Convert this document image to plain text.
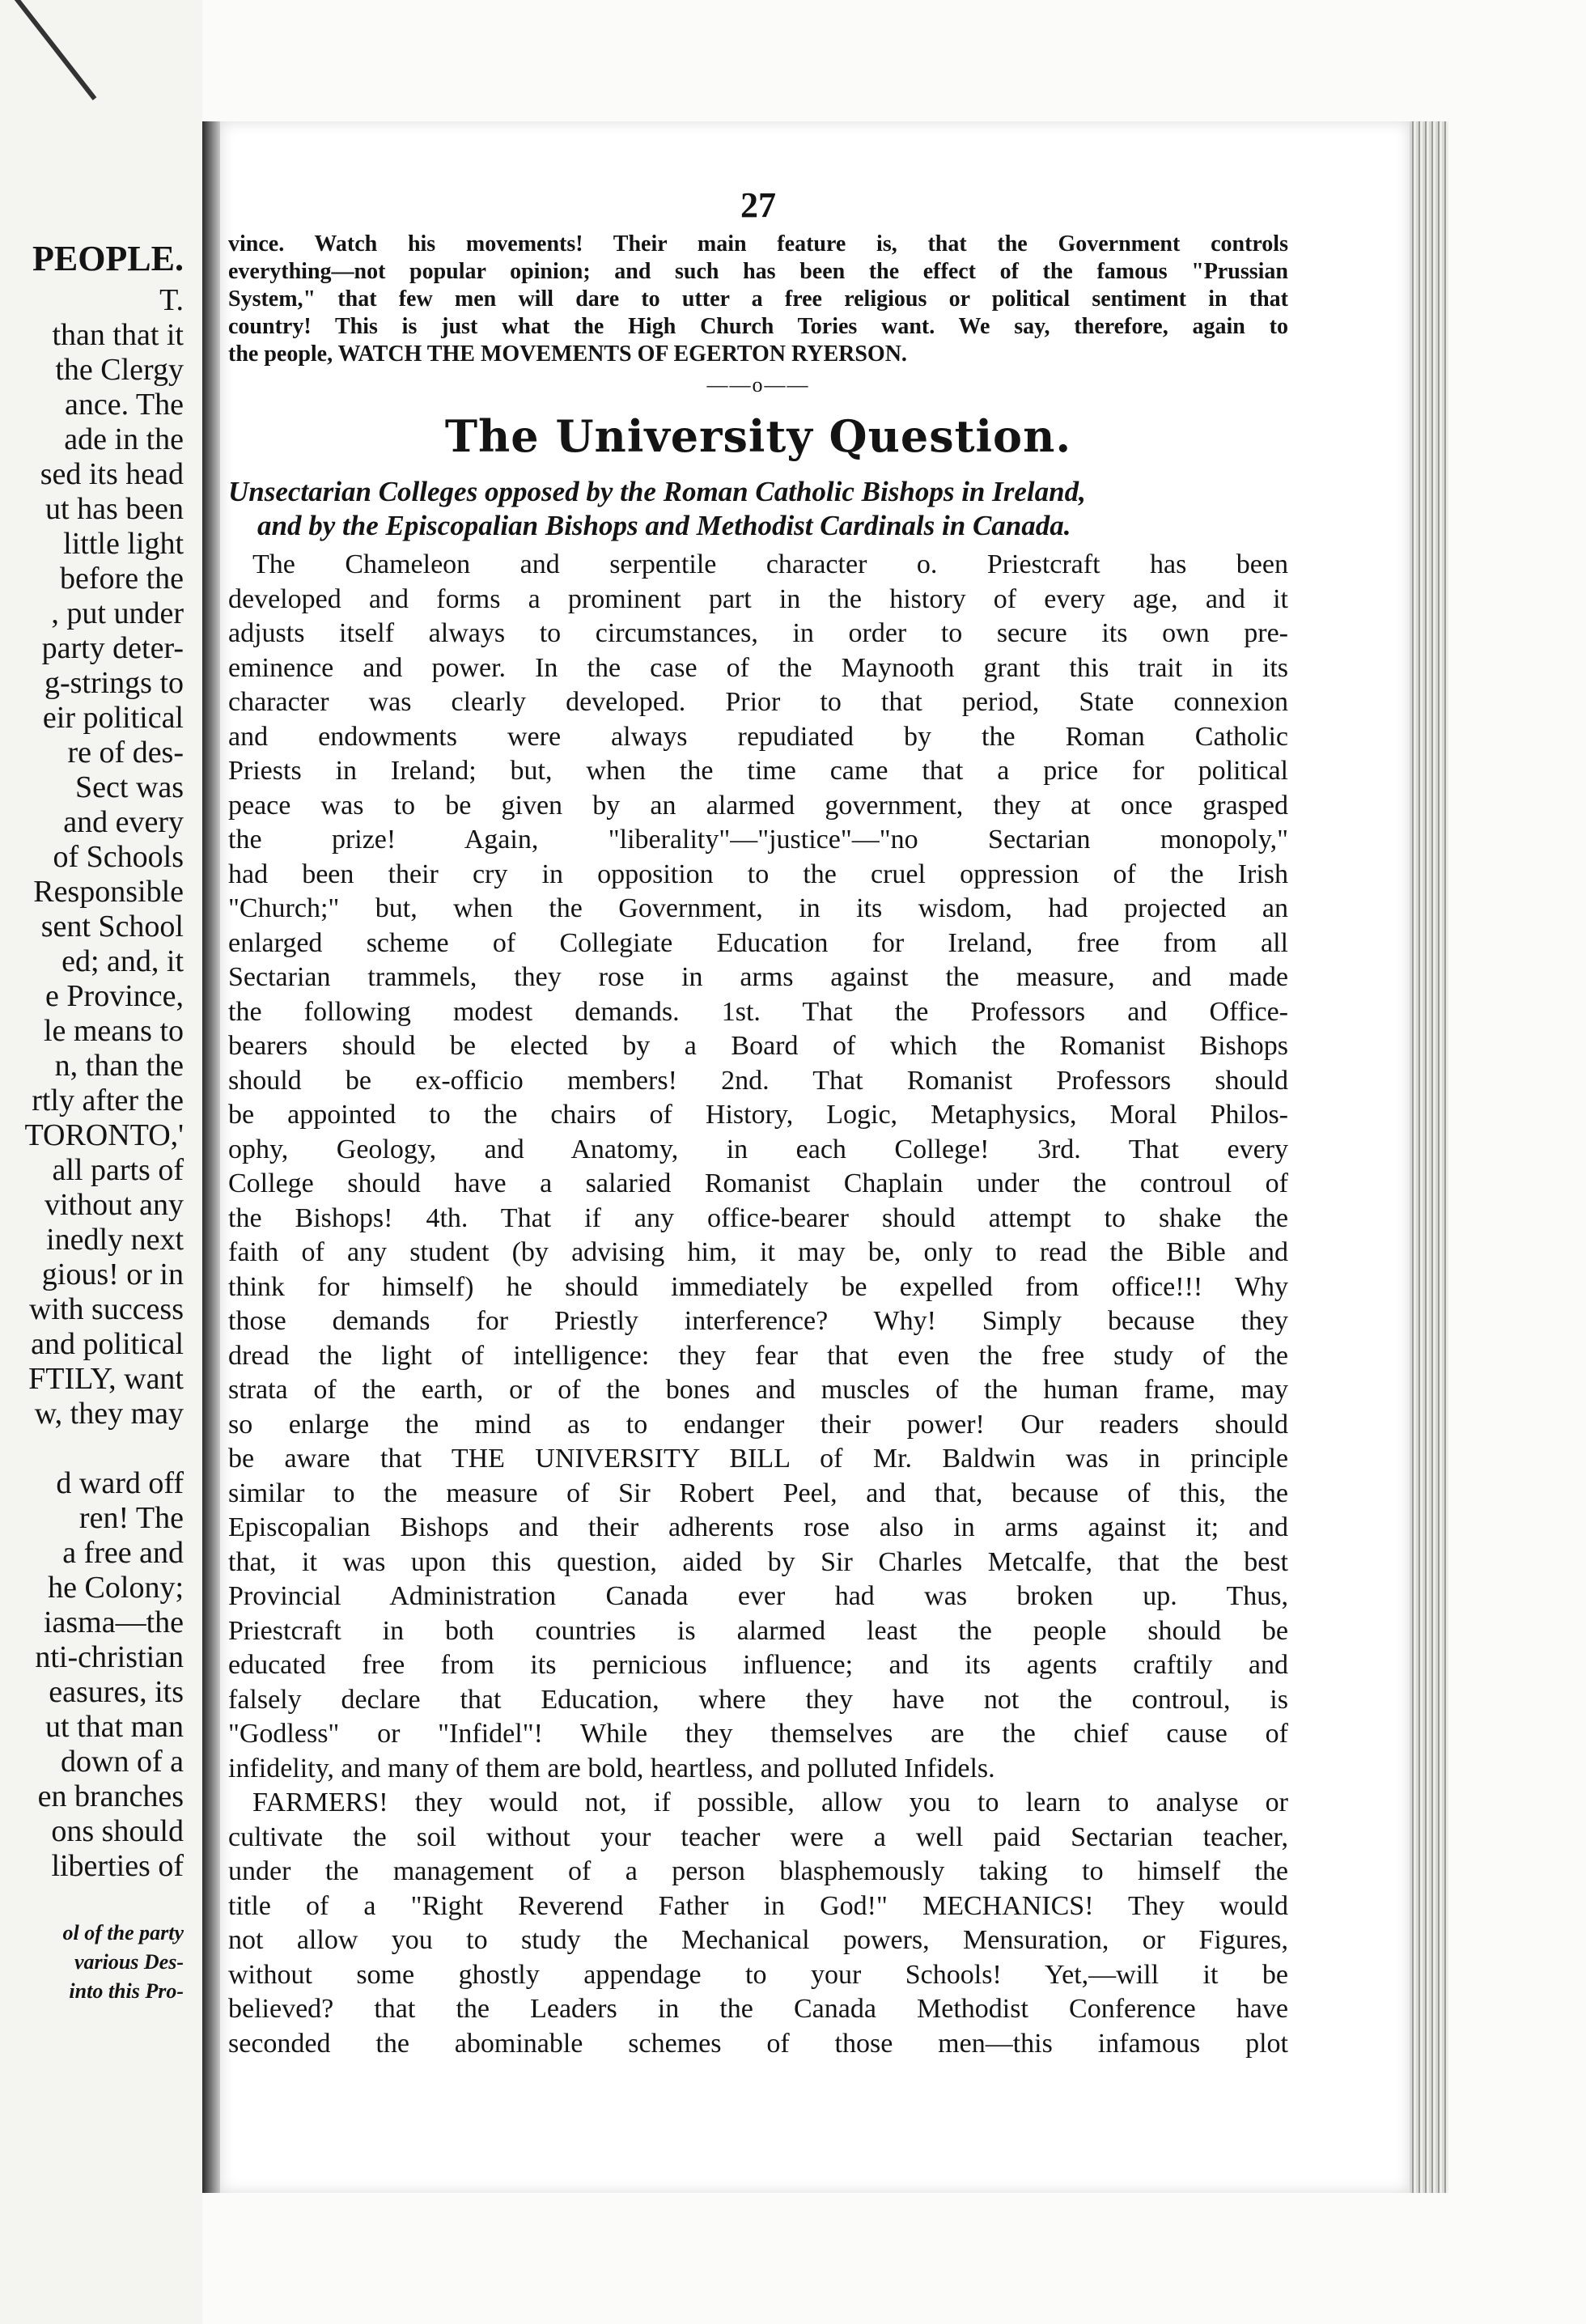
PEOPLE.

T.

than that it

the Clergy

ance. The

ade in the

sed its head

ut has been

little light

before the

, put under

party deter-

g-strings to

eir political

re of des-

Sect was

and every

of Schools

Responsible

sent School

ed; and, it

e Province,

le means to

n, than the

rtly after the

TORONTO,'

all parts of

vithout any

inedly next

gious! or in

with success

and political

FTILY, want

w, they may

d ward off

ren! The

a free and

he Colony;

iasma—the

nti-christian

easures, its

ut that man

down of a

en branches

ons should

liberties of

ol of the party

various Des-

into this Pro-

27
vince. Watch his movements! Their main feature is, that the Government controls
everything—not popular opinion; and such has been the effect of the famous "Prussian
System," that few men will dare to utter a free religious or political sentiment in that
country! This is just what the High Church Tories want. We say, therefore, again to
the people, WATCH THE MOVEMENTS OF EGERTON RYERSON.
——o——
The University Question.
Unsectarian Colleges opposed by the Roman Catholic Bishops in Ireland,
and by the Episcopalian Bishops and Methodist Cardinals in Canada.

The Chameleon and serpentile character o. Priestcraft has been

developed and forms a prominent part in the history of every age, and it

adjusts itself always to circumstances, in order to secure its own pre-

eminence and power. In the case of the Maynooth grant this trait in its

character was clearly developed. Prior to that period, State connexion

and endowments were always repudiated by the Roman Catholic

Priests in Ireland; but, when the time came that a price for political

peace was to be given by an alarmed government, they at once grasped

the prize! Again, "liberality"—"justice"—"no Sectarian monopoly,"

had been their cry in opposition to the cruel oppression of the Irish

"Church;" but, when the Government, in its wisdom, had projected an

enlarged scheme of Collegiate Education for Ireland, free from all

Sectarian trammels, they rose in arms against the measure, and made

the following modest demands. 1st. That the Professors and Office-

bearers should be elected by a Board of which the Romanist Bishops

should be ex-officio members! 2nd. That Romanist Professors should

be appointed to the chairs of History, Logic, Metaphysics, Moral Philos-

ophy, Geology, and Anatomy, in each College! 3rd. That every

College should have a salaried Romanist Chaplain under the controul of

the Bishops! 4th. That if any office-bearer should attempt to shake the

faith of any student (by advising him, it may be, only to read the Bible and

think for himself) he should immediately be expelled from office!!! Why

those demands for Priestly interference? Why! Simply because they

dread the light of intelligence: they fear that even the free study of the

strata of the earth, or of the bones and muscles of the human frame, may

so enlarge the mind as to endanger their power! Our readers should

be aware that THE UNIVERSITY BILL of Mr. Baldwin was in principle

similar to the measure of Sir Robert Peel, and that, because of this, the

Episcopalian Bishops and their adherents rose also in arms against it; and

that, it was upon this question, aided by Sir Charles Metcalfe, that the best

Provincial Administration Canada ever had was broken up. Thus,

Priestcraft in both countries is alarmed least the people should be

educated free from its pernicious influence; and its agents craftily and

falsely declare that Education, where they have not the controul, is

"Godless" or "Infidel"! While they themselves are the chief cause of

infidelity, and many of them are bold, heartless, and polluted Infidels.

FARMERS! they would not, if possible, allow you to learn to analyse or

cultivate the soil without your teacher were a well paid Sectarian teacher,

under the management of a person blasphemously taking to himself the

title of a "Right Reverend Father in God!" MECHANICS! They would

not allow you to study the Mechanical powers, Mensuration, or Figures,

without some ghostly appendage to your Schools! Yet,—will it be

believed? that the Leaders in the Canada Methodist Conference have

seconded the abominable schemes of those men—this infamous plot
